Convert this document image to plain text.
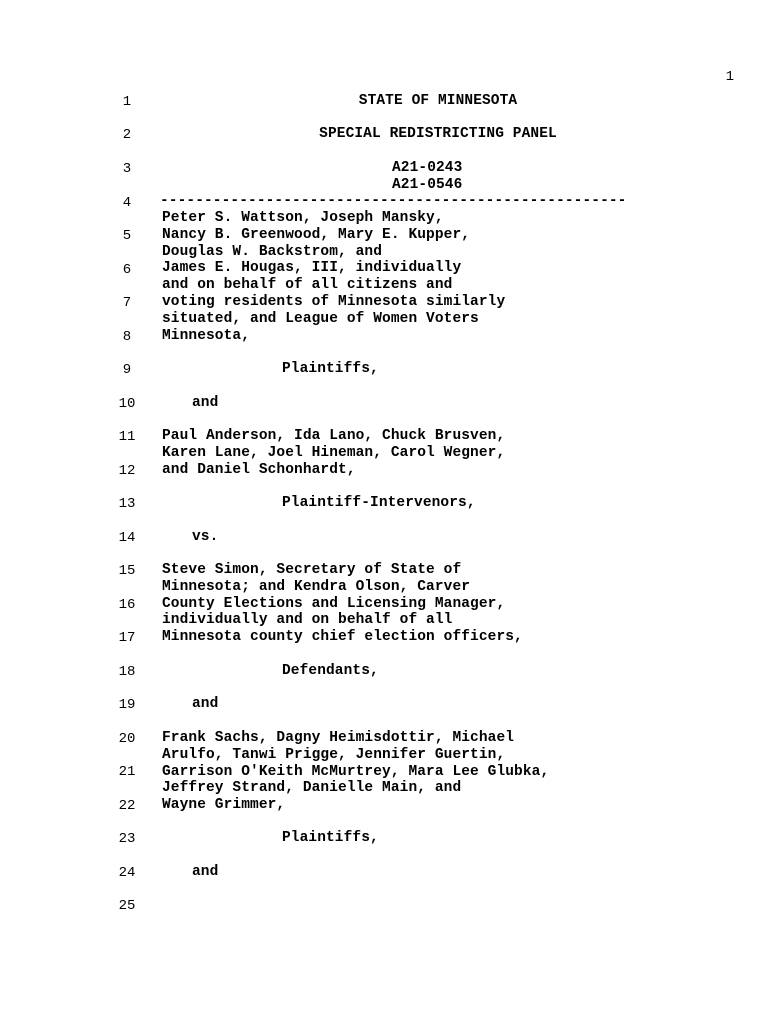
1
1
2
3
4
5
6
7
8
9
10
11
12
13
14
15
16
17
18
19
20
21
22
23
24
25
STATE OF MINNESOTA
SPECIAL REDISTRICTING PANEL
A21-0243
A21-0546
-----------------------------------------------------
Peter S. Wattson, Joseph Mansky,
Nancy B. Greenwood, Mary E. Kupper,
Douglas W. Backstrom, and
James E. Hougas, III, individually
and on behalf of all citizens and
voting residents of Minnesota similarly
situated, and League of Women Voters
Minnesota,
Plaintiffs,
and
Paul Anderson, Ida Lano, Chuck Brusven,
Karen Lane, Joel Hineman, Carol Wegner,
and Daniel Schonhardt,
Plaintiff-Intervenors,
vs.
Steve Simon, Secretary of State of
Minnesota; and Kendra Olson, Carver
County Elections and Licensing Manager,
individually and on behalf of all
Minnesota county chief election officers,
Defendants,
and
Frank Sachs, Dagny Heimisdottir, Michael
Arulfo, Tanwi Prigge, Jennifer Guertin,
Garrison O'Keith McMurtrey, Mara Lee Glubka,
Jeffrey Strand, Danielle Main, and
Wayne Grimmer,
Plaintiffs,
and
